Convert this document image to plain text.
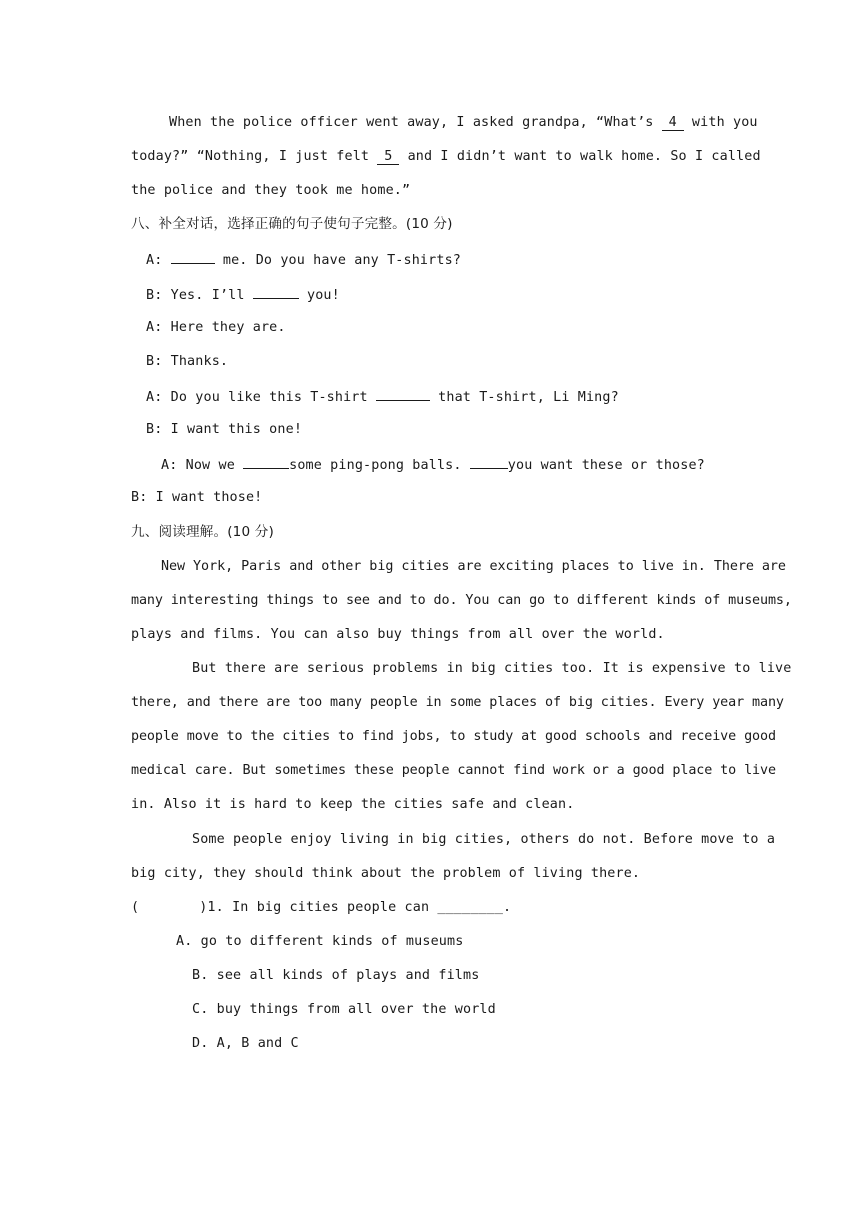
When the police officer went away, I asked grandpa, “What’s 4 with you
today?” “Nothing, I just felt 5 and I didn’t want to walk home. So I called
the police and they took me home.”
八、补全对话，选择正确的句子使句子完整。(10 分)
A:	me. Do you have any T-shirts?
B: Yes. I’ll	you!
A: Here they are.
B: Thanks.
A: Do you like this T-shirt	that T-shirt, Li Ming?
B: I want this one!
A: Now we	some ping-pong balls.	you want these or those?
B: I want those!
九、阅读理解。(10 分)
New York, Paris and other big cities are exciting places to live in. There are
many interesting things to see and to do. You can go to different kinds of museums,
plays and films. You can also buy things from all over the world.
But there are serious problems in big cities too. It is expensive to live
there, and there are too many people in some places of big cities. Every year many
people move to the cities to find jobs, to study at good schools and receive good
medical care. But sometimes these people cannot find work or a good place to live
in. Also it is hard to keep the cities safe and clean.
Some people enjoy living in big cities, others do not. Before move to a
big city, they should think about the problem of living there.
(	)1. In big cities people can ________.
A. go to different kinds of museums
B. see all kinds of plays and films
C. buy things from all over the world
D. A, B and C
